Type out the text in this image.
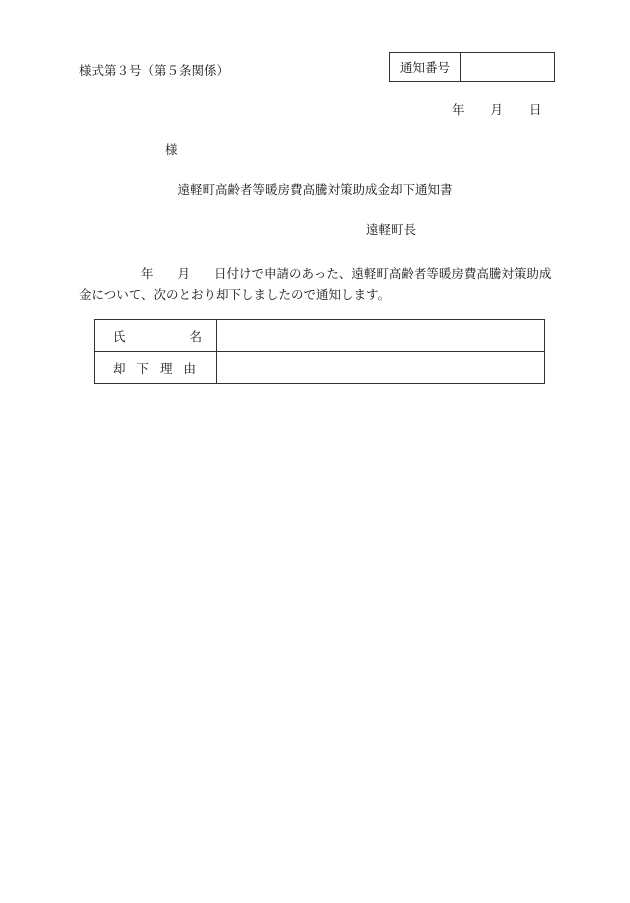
様式第３号（第５条関係）	通知番号
年 月 日
様
遠軽町高齢者等暖房費高騰対策助成金却下通知書
遠軽町長
年 月 日付けで申請のあった、遠軽町高齢者等暖房費高騰対策助成
金について、次のとおり却下しましたので通知します。
氏 名	

却 下 理 由	
